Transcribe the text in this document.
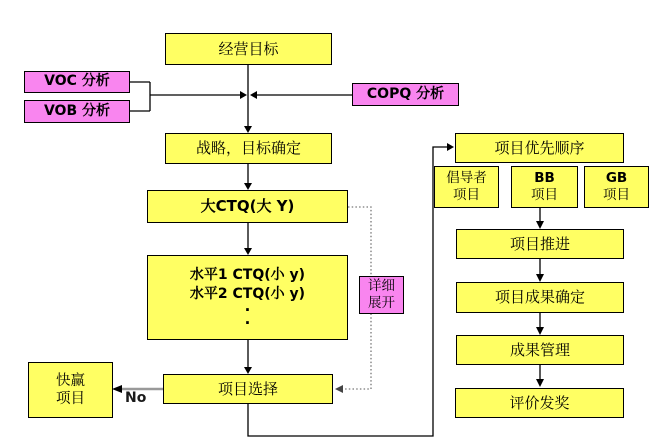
经营目标
VOC 分析
VOB 分析
COPQ 分析
战略，目标确定
大CTQ(大 Y)
水平1 CTQ(小 y)
水平2 CTQ(小 y)
·
·
详细
展开
项目选择
No
快赢
项目
项目优先顺序
倡导者
项目
BB
项目
GB
项目
项目推进
项目成果确定
成果管理
评价发奖
